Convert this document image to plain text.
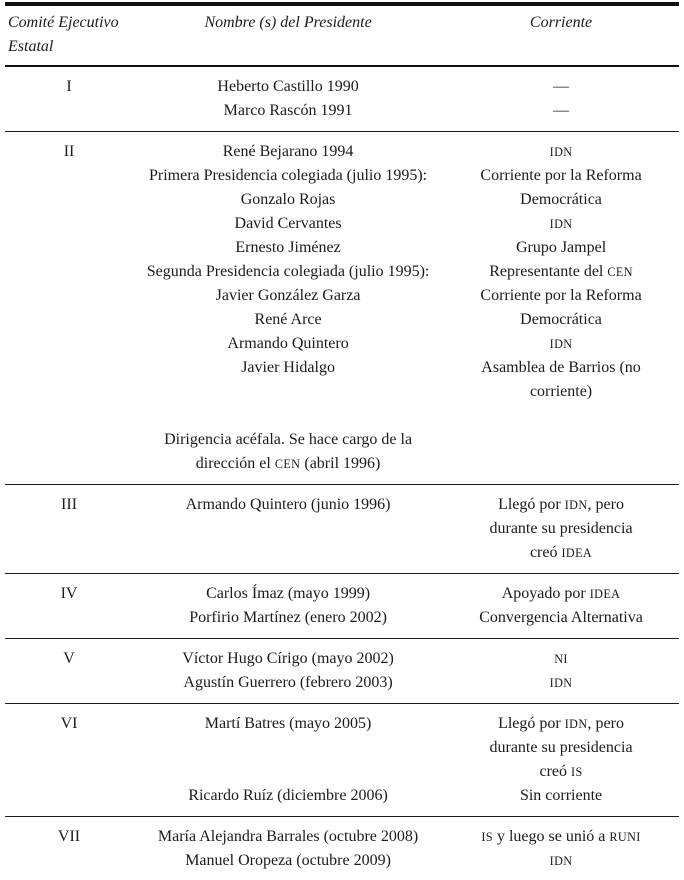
Comité Ejecutivo
Estatal	Nombre (s) del Presidente	Corriente
I	Heberto Castillo 1990	—
	Marco Rascón 1991	—
II	René Bejarano 1994	IDN
	Primera Presidencia colegiada (julio 1995):	Corriente por la Reforma
	Gonzalo Rojas	Democrática
	David Cervantes	IDN
	Ernesto Jiménez	Grupo Jampel
	Segunda Presidencia colegiada (julio 1995):	Representante del CEN
	Javier González Garza	Corriente por la Reforma
	René Arce	Democrática
	Armando Quintero	IDN
	Javier Hidalgo	Asamblea de Barrios (no
		corriente)

	Dirigencia acéfala. Se hace cargo de la	
	dirección el CEN (abril 1996)	
III	Armando Quintero (junio 1996)	Llegó por IDN, pero
		durante su presidencia
		creó IDEA
IV	Carlos Ímaz (mayo 1999)	Apoyado por IDEA
	Porfirio Martínez (enero 2002)	Convergencia Alternativa
V	Víctor Hugo Círigo (mayo 2002)	NI
	Agustín Guerrero (febrero 2003)	IDN
VI	Martí Batres (mayo 2005)	Llegó por IDN, pero
		durante su presidencia
		creó IS
	Ricardo Ruíz (diciembre 2006)	Sin corriente
VII	María Alejandra Barrales (octubre 2008)	IS y luego se unió a RUNI
	Manuel Oropeza (octubre 2009)	IDN
